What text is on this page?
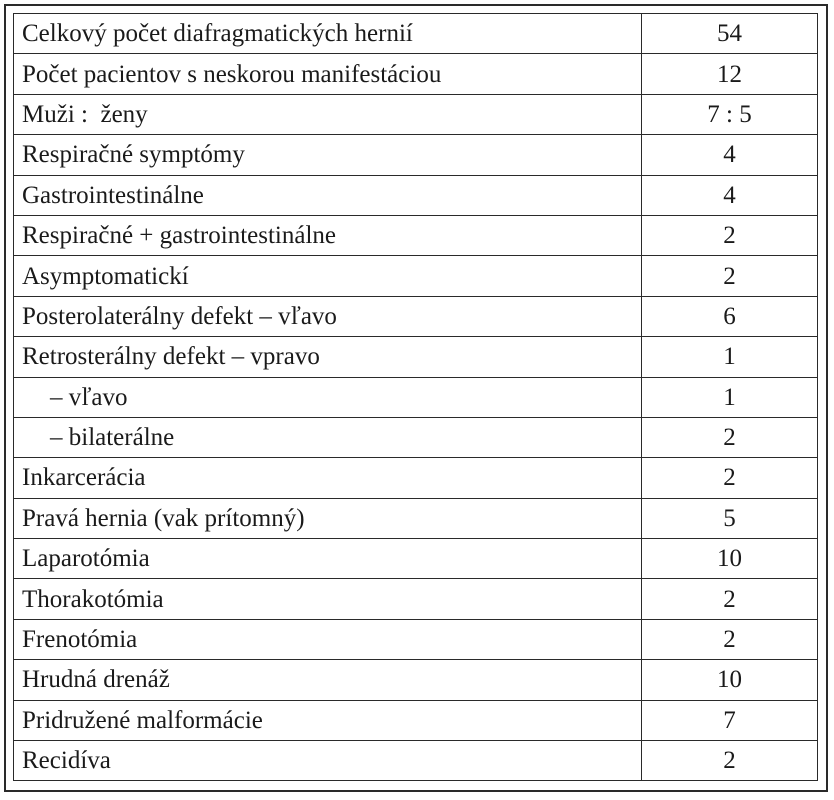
Celkový počet diafragmatických hernií	54
Počet pacientov s neskorou manifestáciou	12
Muži :  ženy	7 : 5
Respiračné symptómy	4
Gastrointestinálne	4
Respiračné + gastrointestinálne	2
Asymptomatickí	2
Posterolaterálny defekt – vľavo	6
Retrosterálny defekt – vpravo	1
– vľavo	1
– bilaterálne	2
Inkarcerácia	2
Pravá hernia (vak prítomný)	5
Laparotómia	10
Thorakotómia	2
Frenotómia	2
Hrudná drenáž	10
Pridružené malformácie	7
Recidíva	2
